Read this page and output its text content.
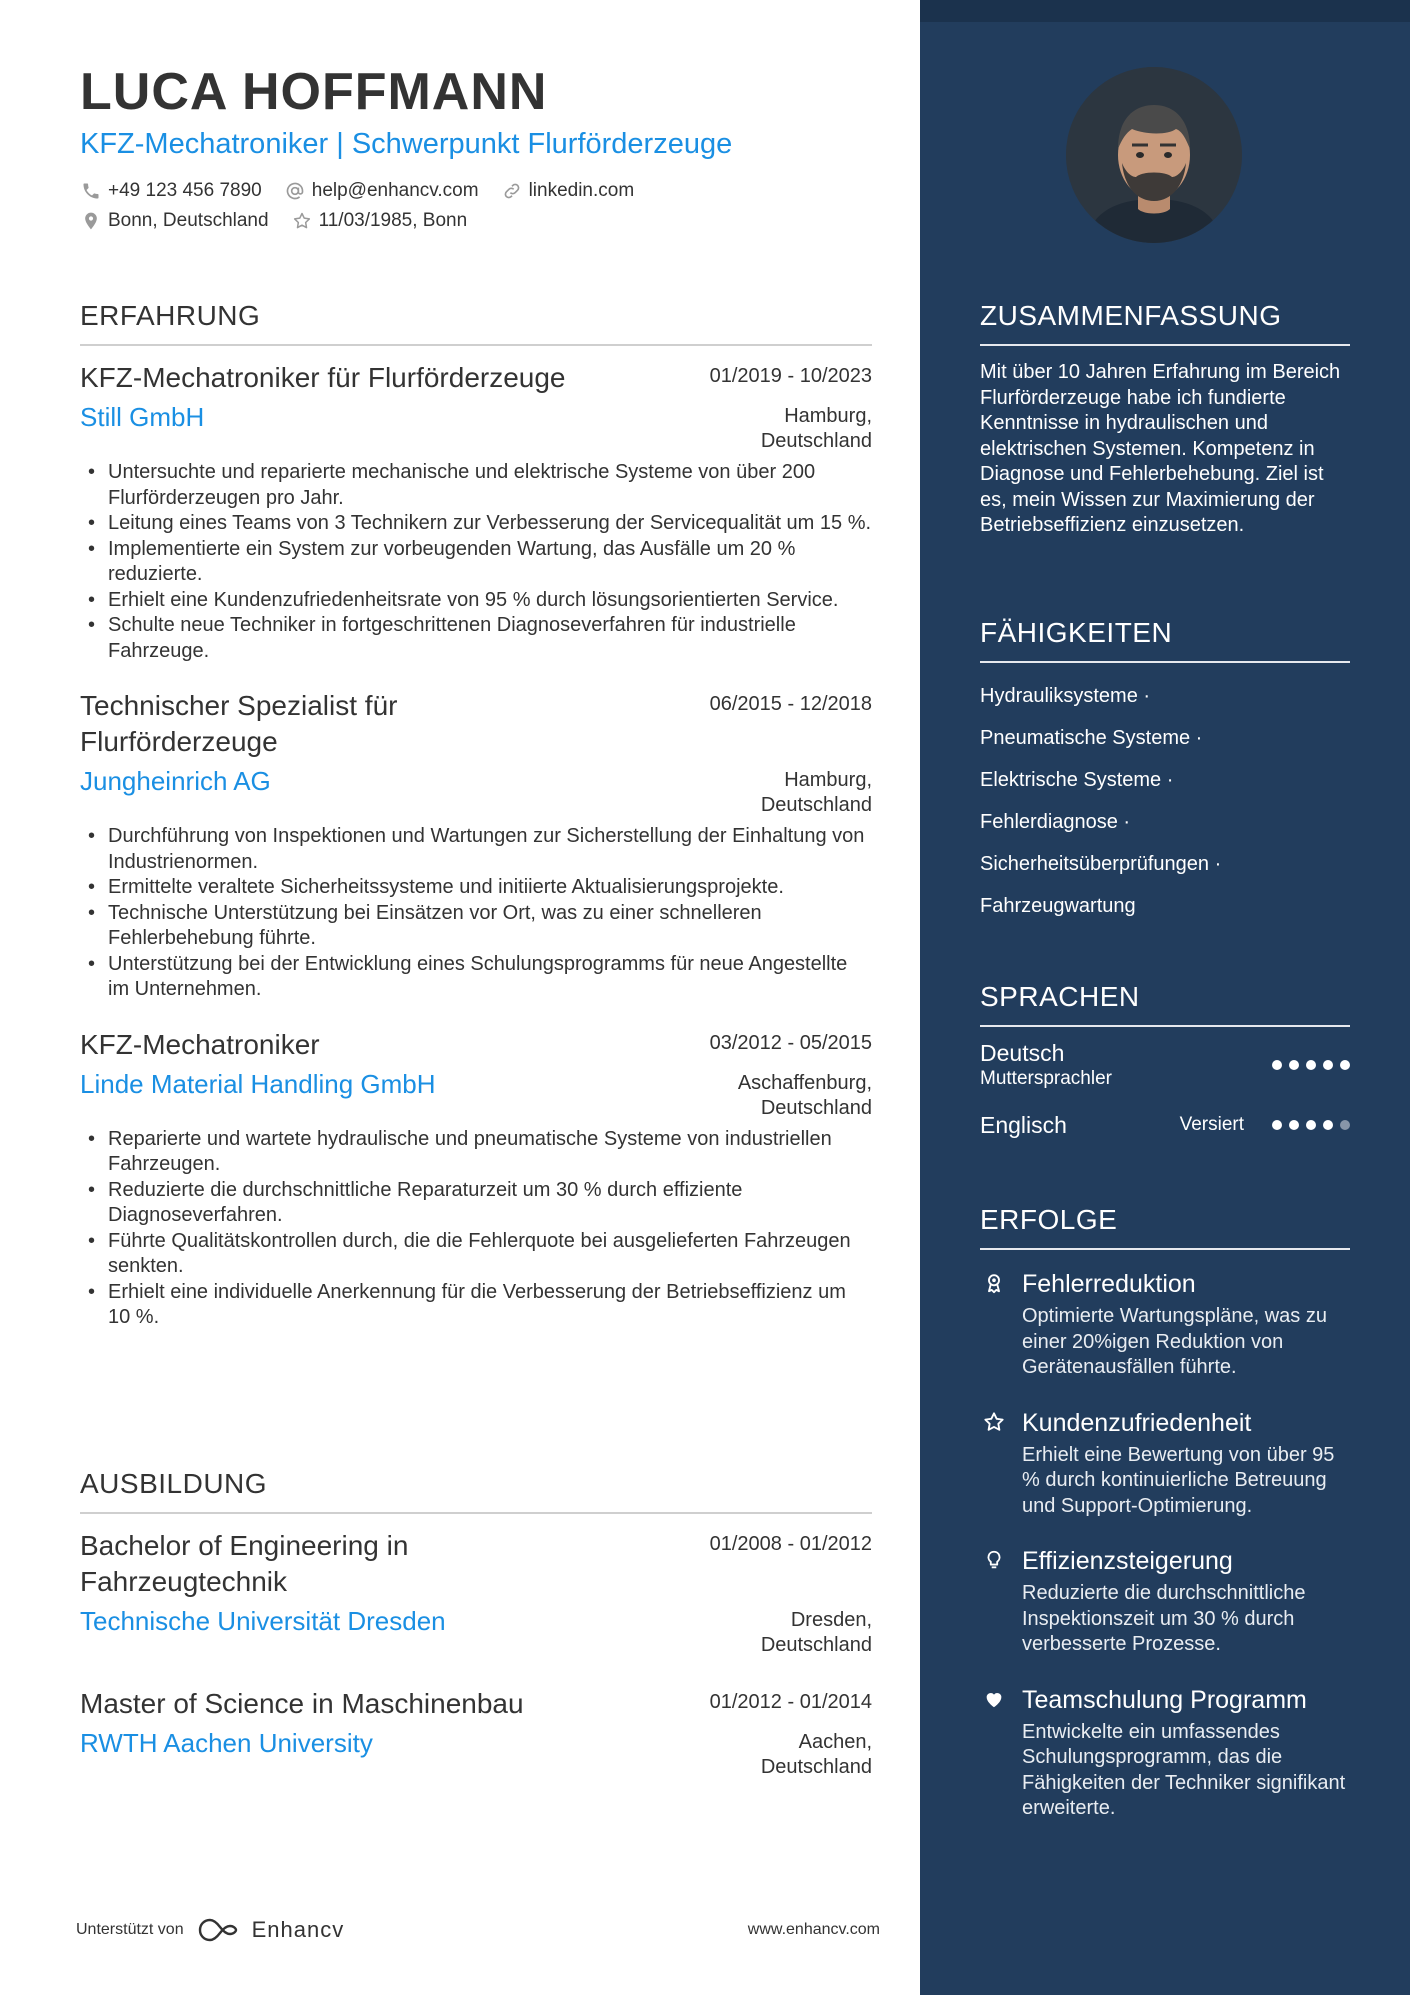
LUCA HOFFMANN
KFZ-Mechatroniker | Schwerpunkt Flurförderzeuge
+49 123 456 7890	help@enhancv.com	linkedin.com
Bonn, Deutschland	11/03/1985, Bonn
ERFAHRUNG
KFZ-Mechatroniker für Flurförderzeuge	01/2019 - 10/2023
Still GmbH	Hamburg,
Deutschland
• Untersuchte und reparierte mechanische und elektrische Systeme von über 200 Flurförderzeugen pro Jahr.
• Leitung eines Teams von 3 Technikern zur Verbesserung der Servicequalität um 15 %.
• Implementierte ein System zur vorbeugenden Wartung, das Ausfälle um 20 % reduzierte.
• Erhielt eine Kundenzufriedenheitsrate von 95 % durch lösungsorientierten Service.
• Schulte neue Techniker in fortgeschrittenen Diagnoseverfahren für industrielle Fahrzeuge.
Technischer Spezialist für Flurförderzeuge
06/2015 - 12/2018
Jungheinrich AG	Hamburg,
Deutschland
• Durchführung von Inspektionen und Wartungen zur Sicherstellung der Einhaltung von Industrienormen.
• Ermittelte veraltete Sicherheitssysteme und initiierte Aktualisierungsprojekte.
• Technische Unterstützung bei Einsätzen vor Ort, was zu einer schnelleren Fehlerbehebung führte.
• Unterstützung bei der Entwicklung eines Schulungsprogramms für neue Angestellte im Unternehmen.
KFZ-Mechatroniker	03/2012 - 05/2015
Linde Material Handling GmbH	Aschaffenburg,
Deutschland
• Reparierte und wartete hydraulische und pneumatische Systeme von industriellen Fahrzeugen.
• Reduzierte die durchschnittliche Reparaturzeit um 30 % durch effiziente Diagnoseverfahren.
• Führte Qualitätskontrollen durch, die die Fehlerquote bei ausgelieferten Fahrzeugen senkten.
• Erhielt eine individuelle Anerkennung für die Verbesserung der Betriebseffizienz um 10 %.
AUSBILDUNG
Bachelor of Engineering in Fahrzeugtechnik
01/2008 - 01/2012
Technische Universität Dresden	Dresden,
Deutschland
Master of Science in Maschinenbau	01/2012 - 01/2014
RWTH Aachen University	Aachen,
Deutschland
Unterstützt von	Enhancv	www.enhancv.com
ZUSAMMENFASSUNG
Mit über 10 Jahren Erfahrung im Bereich Flurförderzeuge habe ich fundierte Kenntnisse in hydraulischen und elektrischen Systemen. Kompetenz in Diagnose und Fehlerbehebung. Ziel ist es, mein Wissen zur Maximierung der Betriebseffizienz einzusetzen.
FÄHIGKEITEN
Hydrauliksysteme ·
Pneumatische Systeme ·
Elektrische Systeme ·
Fehlerdiagnose ·
Sicherheitsüberprüfungen ·
Fahrzeugwartung
SPRACHEN
Deutsch
Muttersprachler
Englisch	Versiert
ERFOLGE
Fehlerreduktion
Optimierte Wartungspläne, was zu einer 20%igen Reduktion von Gerätenausfällen führte.
Kundenzufriedenheit
Erhielt eine Bewertung von über 95 % durch kontinuierliche Betreuung und Support-Optimierung.
Effizienzsteigerung
Reduzierte die durchschnittliche Inspektionszeit um 30 % durch verbesserte Prozesse.
Teamschulung Programm
Entwickelte ein umfassendes Schulungsprogramm, das die Fähigkeiten der Techniker signifikant erweiterte.
